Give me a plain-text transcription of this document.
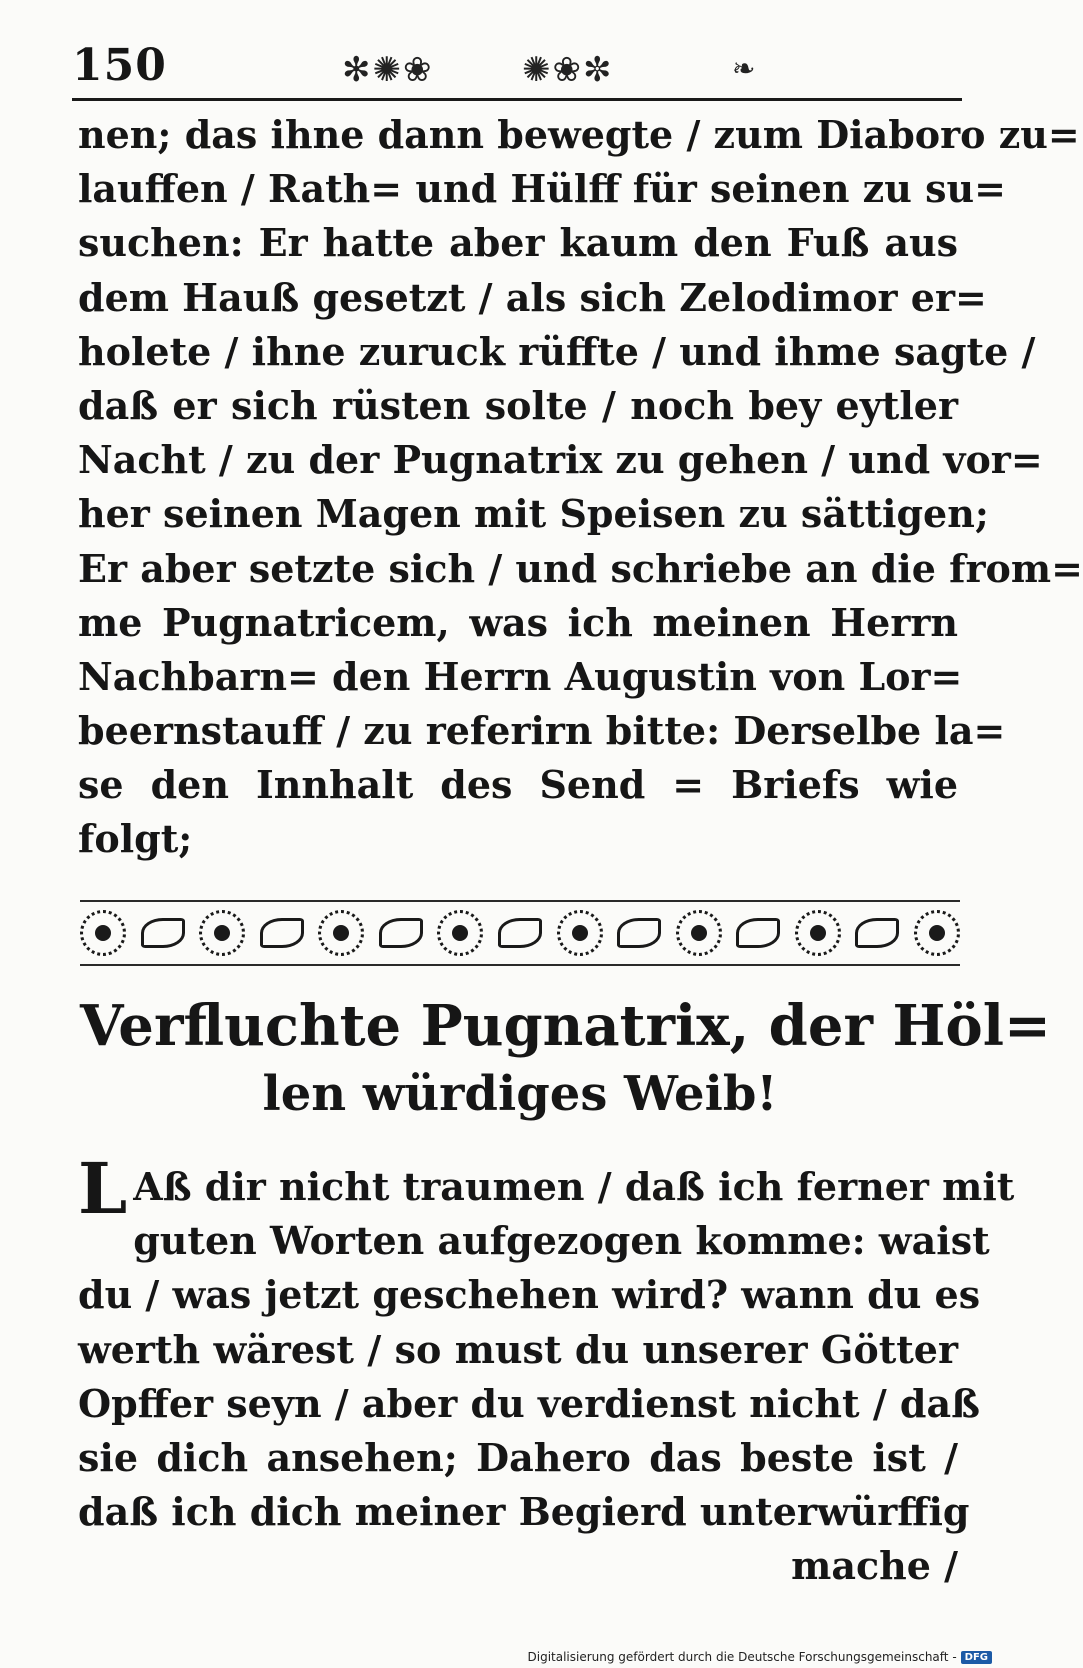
150	✻✺❀	✺❀✼	❧
nen; das ihne dann bewegte / zum Diaboro zu=
lauffen / Rath= und Hülff für seinen zu su=
suchen: Er hatte aber kaum den Fuß aus
dem Hauß gesetzt / als sich Zelodimor er=
holete / ihne zuruck rüffte / und ihme sagte /
daß er sich rüsten solte / noch bey eytler
Nacht / zu der Pugnatrix zu gehen / und vor=
her seinen Magen mit Speisen zu sättigen;
Er aber setzte sich / und schriebe an die from=
me Pugnatricem, was ich meinen Herrn
Nachbarn= den Herrn Augustin von Lor=
beernstauff / zu referirn bitte: Derselbe la=
se den Innhalt des Send = Briefs wie
folgt;
Verfluchte Pugnatrix, der Höl=
len würdiges Weib!
L Aß dir nicht traumen / daß ich ferner mit
guten Worten aufgezogen komme: waist
du / was jetzt geschehen wird? wann du es
werth wärest / so must du unserer Götter
Opffer seyn / aber du verdienst nicht / daß
sie dich ansehen; Dahero das beste ist /
daß ich dich meiner Begierd unterwürffig
mache /
Digitalisierung gefördert durch die Deutsche Forschungsgemeinschaft - DFG
